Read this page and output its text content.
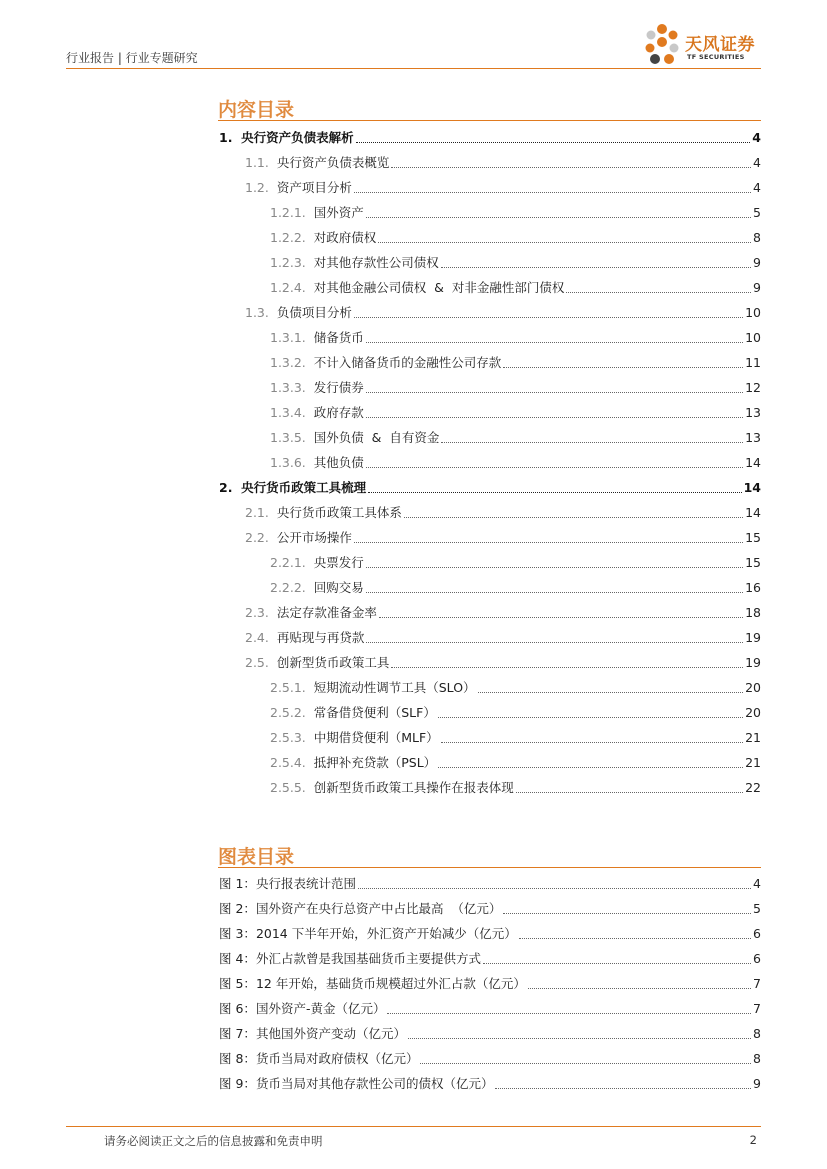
行业报告 | 行业专题研究
天风证券
TF SECURITIES
内容目录
1. 央行资产负债表解析	4
1.1. 央行资产负债表概览	4
1.2. 资产项目分析	4
1.2.1. 国外资产	5
1.2.2. 对政府债权	8
1.2.3. 对其他存款性公司债权	9
1.2.4. 对其他金融公司债权  &  对非金融性部门债权	9
1.3. 负债项目分析	10
1.3.1. 储备货币	10
1.3.2. 不计入储备货币的金融性公司存款	11
1.3.3. 发行债券	12
1.3.4. 政府存款	13
1.3.5. 国外负债  &  自有资金	13
1.3.6. 其他负债	14
2. 央行货币政策工具梳理	14
2.1. 央行货币政策工具体系	14
2.2. 公开市场操作	15
2.2.1. 央票发行	15
2.2.2. 回购交易	16
2.3. 法定存款准备金率	18
2.4. 再贴现与再贷款	19
2.5. 创新型货币政策工具	19
2.5.1. 短期流动性调节工具（SLO）	20
2.5.2. 常备借贷便利（SLF）	20
2.5.3. 中期借贷便利（MLF）	21
2.5.4. 抵押补充贷款（PSL）	21
2.5.5. 创新型货币政策工具操作在报表体现	22
图表目录
图 1： 央行报表统计范围	4
图 2： 国外资产在央行总资产中占比最高  （亿元）	5
图 3： 2014 下半年开始，外汇资产开始减少（亿元）	6
图 4： 外汇占款曾是我国基础货币主要提供方式	6
图 5： 12 年开始，基础货币规模超过外汇占款（亿元）	7
图 6： 国外资产-黄金（亿元）	7
图 7： 其他国外资产变动（亿元）	8
图 8： 货币当局对政府债权（亿元）	8
图 9： 货币当局对其他存款性公司的债权（亿元）	9
请务必阅读正文之后的信息披露和免责申明	2
